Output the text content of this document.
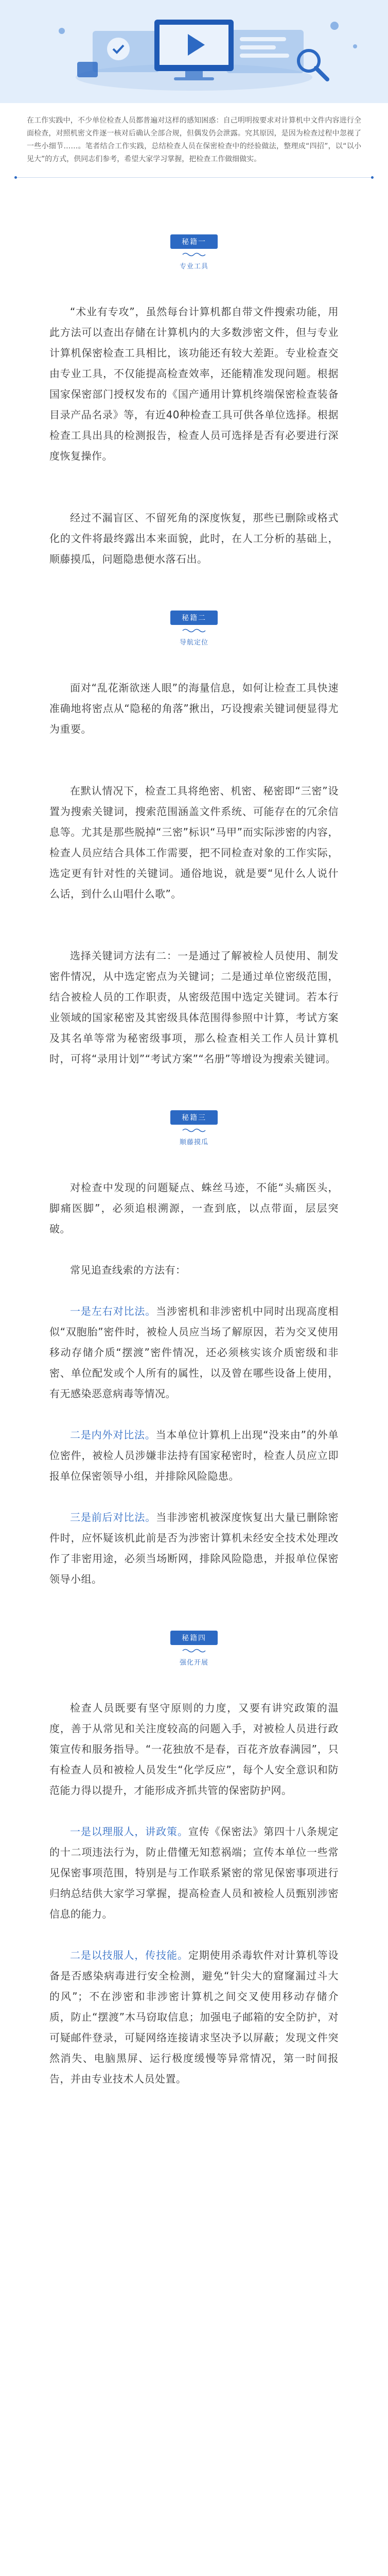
在工作实践中，不少单位检查人员都普遍对这样的感知困惑：自己明明按要求对计算机中文件内容进行全面检查，对照机密文件逐一核对后确认全部合规，但偶发仍会泄露。究其原因，是因为检查过程中忽视了一些小细节……。笔者结合工作实践，总结检查人员在保密检查中的经验做法，整理成“四招”，以“以小见大”的方式，供同志们参考，希望大家学习掌握，把检查工作做细做实。

秘籍一
专业工具

“术业有专攻”，虽然每台计算机都自带文件搜索功能，用此方法可以查出存储在计算机内的大多数涉密文件，但与专业计算机保密检查工具相比，该功能还有较大差距。专业检查交由专业工具，不仅能提高检查效率，还能精准发现问题。根据国家保密部门授权发布的《国产通用计算机终端保密检查装备目录产品名录》等，有近40种检查工具可供各单位选择。根据检查工具出具的检测报告，检查人员可选择是否有必要进行深度恢复操作。

经过不漏盲区、不留死角的深度恢复，那些已删除或格式化的文件将最终露出本来面貌，此时，在人工分析的基础上，顺藤摸瓜，问题隐患便水落石出。

秘籍二
导航定位

面对“乱花渐欲迷人眼”的海量信息，如何让检查工具快速准确地将密点从“隐秘的角落”揪出，巧设搜索关键词便显得尤为重要。

在默认情况下，检查工具将绝密、机密、秘密即“三密”设置为搜索关键词，搜索范围涵盖文件系统、可能存在的冗余信息等。尤其是那些脱掉“三密”标识“马甲”而实际涉密的内容，检查人员应结合具体工作需要，把不同检查对象的工作实际，选定更有针对性的关键词。通俗地说，就是要“见什么人说什么话，到什么山唱什么歌”。

选择关键词方法有二：一是通过了解被检人员使用、制发密件情况，从中选定密点为关键词；二是通过单位密级范围，结合被检人员的工作职责，从密级范围中选定关键词。若本行业领域的国家秘密及其密级具体范围得参照中计算，考试方案及其名单等常为秘密级事项，那么检查相关工作人员计算机时，可将“录用计划”“考试方案”“名册”等增设为搜索关键词。

秘籍三
顺藤摸瓜

对检查中发现的问题疑点、蛛丝马迹，不能“头痛医头，脚痛医脚”，必须追根溯源，一查到底，以点带面，层层突破。

常见追查线索的方法有：

一是左右对比法。当涉密机和非涉密机中同时出现高度相似“双胞胎”密件时，被检人员应当场了解原因，若为交叉使用移动存储介质“摆渡”密件情况，还必须核实该介质密级和非密、单位配发或个人所有的属性，以及曾在哪些设备上使用，有无感染恶意病毒等情况。

二是内外对比法。当本单位计算机上出现“没来由”的外单位密件，被检人员涉嫌非法持有国家秘密时，检查人员应立即报单位保密领导小组，并排除风险隐患。

三是前后对比法。当非涉密机被深度恢复出大量已删除密件时，应怀疑该机此前是否为涉密计算机未经安全技术处理改作了非密用途，必须当场断网，排除风险隐患，并报单位保密领导小组。

秘籍四
强化开展

检查人员既要有坚守原则的力度，又要有讲究政策的温度，善于从常见和关注度较高的问题入手，对被检人员进行政策宣传和服务指导。“一花独放不是春，百花齐放春满园”，只有检查人员和被检人员发生“化学反应”，每个人安全意识和防范能力得以提升，才能形成齐抓共管的保密防护网。

一是以理服人，讲政策。宣传《保密法》第四十八条规定的十二项违法行为，防止借懂无知惹祸端；宣传本单位一些常见保密事项范围，特别是与工作联系紧密的常见保密事项进行归纳总结供大家学习掌握，提高检查人员和被检人员甄别涉密信息的能力。

二是以技服人，传技能。定期使用杀毒软件对计算机等设备是否感染病毒进行安全检测，避免“针尖大的窟窿漏过斗大的风”；不在涉密和非涉密计算机之间交叉使用移动存储介质，防止“摆渡”木马窃取信息；加强电子邮箱的安全防护，对可疑邮件登录，可疑网络连接请求坚决予以屏蔽；发现文件突然消失、电脑黑屏、运行极度缓慢等异常情况，第一时间报告，并由专业技术人员处置。
